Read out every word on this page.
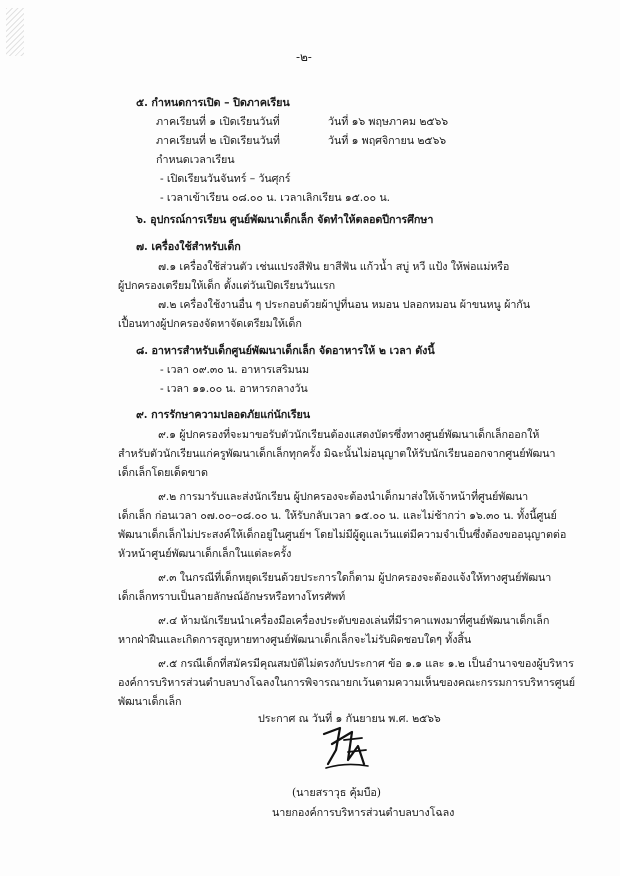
-๒-
๕. กำหนดการเปิด – ปิดภาคเรียน
ภาคเรียนที่ ๑ เปิดเรียนวันที่	วันที่ ๑๖ พฤษภาคม ๒๕๖๖
ภาคเรียนที่ ๒ เปิดเรียนวันที่	วันที่ ๑ พฤศจิกายน ๒๕๖๖
กำหนดเวลาเรียน
- เปิดเรียนวันจันทร์ – วันศุกร์
- เวลาเข้าเรียน ๐๘.๐๐ น. เวลาเลิกเรียน ๑๕.๐๐ น.
๖. อุปกรณ์การเรียน ศูนย์พัฒนาเด็กเล็ก จัดทำให้ตลอดปีการศึกษา
๗. เครื่องใช้สำหรับเด็ก
๗.๑ เครื่องใช้ส่วนตัว เช่นแปรงสีฟัน ยาสีฟัน แก้วน้ำ สบู่ หวี แป้ง ให้พ่อแม่หรือ
ผู้ปกครองเตรียมให้เด็ก ตั้งแต่วันเปิดเรียนวันแรก
๗.๒ เครื่องใช้งานอื่น ๆ ประกอบด้วยผ้าปูที่นอน หมอน ปลอกหมอน ผ้าขนหนู ผ้ากัน
เปื้อนทางผู้ปกครองจัดหาจัดเตรียมให้เด็ก
๘. อาหารสำหรับเด็กศูนย์พัฒนาเด็กเล็ก จัดอาหารให้ ๒ เวลา ดังนี้
- เวลา ๐๙.๓๐ น. อาหารเสริมนม
- เวลา ๑๑.๐๐ น. อาหารกลางวัน
๙. การรักษาความปลอดภัยแก่นักเรียน
๙.๑ ผู้ปกครองที่จะมาขอรับตัวนักเรียนต้องแสดงบัตรซึ่งทางศูนย์พัฒนาเด็กเล็กออกให้
สำหรับตัวนักเรียนแก่ครูพัฒนาเด็กเล็กทุกครั้ง มิฉะนั้นไม่อนุญาตให้รับนักเรียนออกจากศูนย์พัฒนา
เด็กเล็กโดยเด็ดขาด
๙.๒ การมารับและส่งนักเรียน ผู้ปกครองจะต้องนำเด็กมาส่งให้เจ้าหน้าที่ศูนย์พัฒนา
เด็กเล็ก ก่อนเวลา ๐๗.๐๐–๐๘.๐๐ น. ให้รับกลับเวลา ๑๕.๐๐ น. และไม่ช้ากว่า ๑๖.๓๐ น. ทั้งนี้ศูนย์
พัฒนาเด็กเล็กไม่ประสงค์ให้เด็กอยู่ในศูนย์ฯ โดยไม่มีผู้ดูแลเว้นแต่มีความจำเป็นซึ่งต้องขออนุญาตต่อ
หัวหน้าศูนย์พัฒนาเด็กเล็กในแต่ละครั้ง
๙.๓ ในกรณีที่เด็กหยุดเรียนด้วยประการใดก็ตาม ผู้ปกครองจะต้องแจ้งให้ทางศูนย์พัฒนา
เด็กเล็กทราบเป็นลายลักษณ์อักษรหรือทางโทรศัพท์
๙.๔ ห้ามนักเรียนนำเครื่องมือเครื่องประดับของเล่นที่มีราคาแพงมาที่ศูนย์พัฒนาเด็กเล็ก
หากฝ่าฝืนและเกิดการสูญหายทางศูนย์พัฒนาเด็กเล็กจะไม่รับผิดชอบใดๆ ทั้งสิ้น
๙.๕ กรณีเด็กที่สมัครมีคุณสมบัติไม่ตรงกับประกาศ ข้อ ๑.๑ และ ๑.๒ เป็นอำนาจของผู้บริหาร
องค์การบริหารส่วนตำบลบางโฉลงในการพิจารณายกเว้นตามความเห็นของคณะกรรมการบริหารศูนย์
พัฒนาเด็กเล็ก
ประกาศ ณ วันที่ ๑ กันยายน พ.ศ. ๒๕๖๖
(นายสราวุธ คุ้มบือ)
นายกองค์การบริหารส่วนตำบลบางโฉลง
